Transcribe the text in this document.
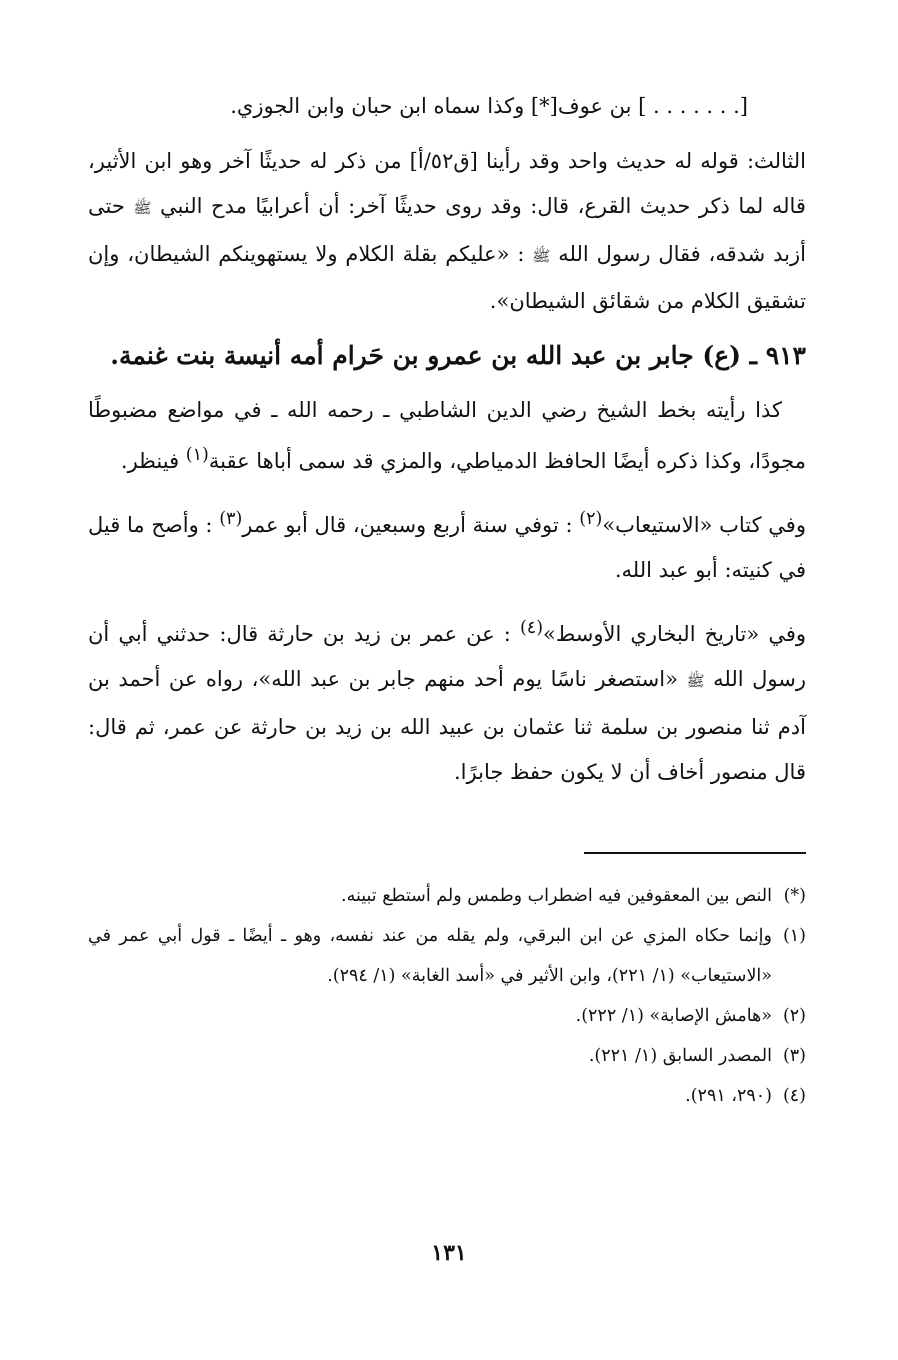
[. . . . . . . ] بن عوف[*] وكذا سماه ابن حبان وابن الجوزي.

الثالث: قوله له حديث واحد وقد رأينا [ق٥٢/أ] من ذكر له حديثًا آخر وهو ابن الأثير، قاله لما ذكر حديث القرع، قال: وقد روى حديثًا آخر: أن أعرابيًا مدح النبي ﷺ حتى أزبد شدقه، فقال رسول الله ﷺ : «عليكم بقلة الكلام ولا يستهوينكم الشيطان، وإن تشقيق الكلام من شقائق الشيطان».

٩١٣ ـ (ع) جابر بن عبد الله بن عمرو بن حَرام أمه أنيسة بنت غنمة.

كذا رأيته بخط الشيخ رضي الدين الشاطبي ـ رحمه الله ـ في مواضع مضبوطًا مجودًا، وكذا ذكره أيضًا الحافظ الدمياطي، والمزي قد سمى أباها عقبة$^{(١)}$ فينظر.

وفي كتاب «الاستيعاب»$^{(٢)}$ : توفي سنة أربع وسبعين، قال أبو عمر$^{(٣)}$ : وأصح ما قيل في كنيته: أبو عبد الله.

وفي «تاريخ البخاري الأوسط»$^{(٤)}$ : عن عمر بن زيد بن حارثة قال: حدثني أبي أن رسول الله ﷺ «استصغر ناسًا يوم أحد منهم جابر بن عبد الله»، رواه عن أحمد بن آدم ثنا منصور بن سلمة ثنا عثمان بن عبيد الله بن زيد بن حارثة عن عمر، ثم قال: قال منصور أخاف أن لا يكون حفظ جابرًا.

(*)
النص بين المعقوفين فيه اضطراب وطمس ولم أستطع تبينه.
(١)
وإنما حكاه المزي عن ابن البرقي، ولم يقله من عند نفسه، وهو ـ أيضًا ـ قول أبي عمر في «الاستيعاب» (١/ ٢٢١)، وابن الأثير في «أسد الغابة» (١/ ٢٩٤).
(٢)
«هامش الإصابة» (١/ ٢٢٢).
(٣)
المصدر السابق (١/ ٢٢١).
(٤)
(٢٩٠، ٢٩١).
١٣١
